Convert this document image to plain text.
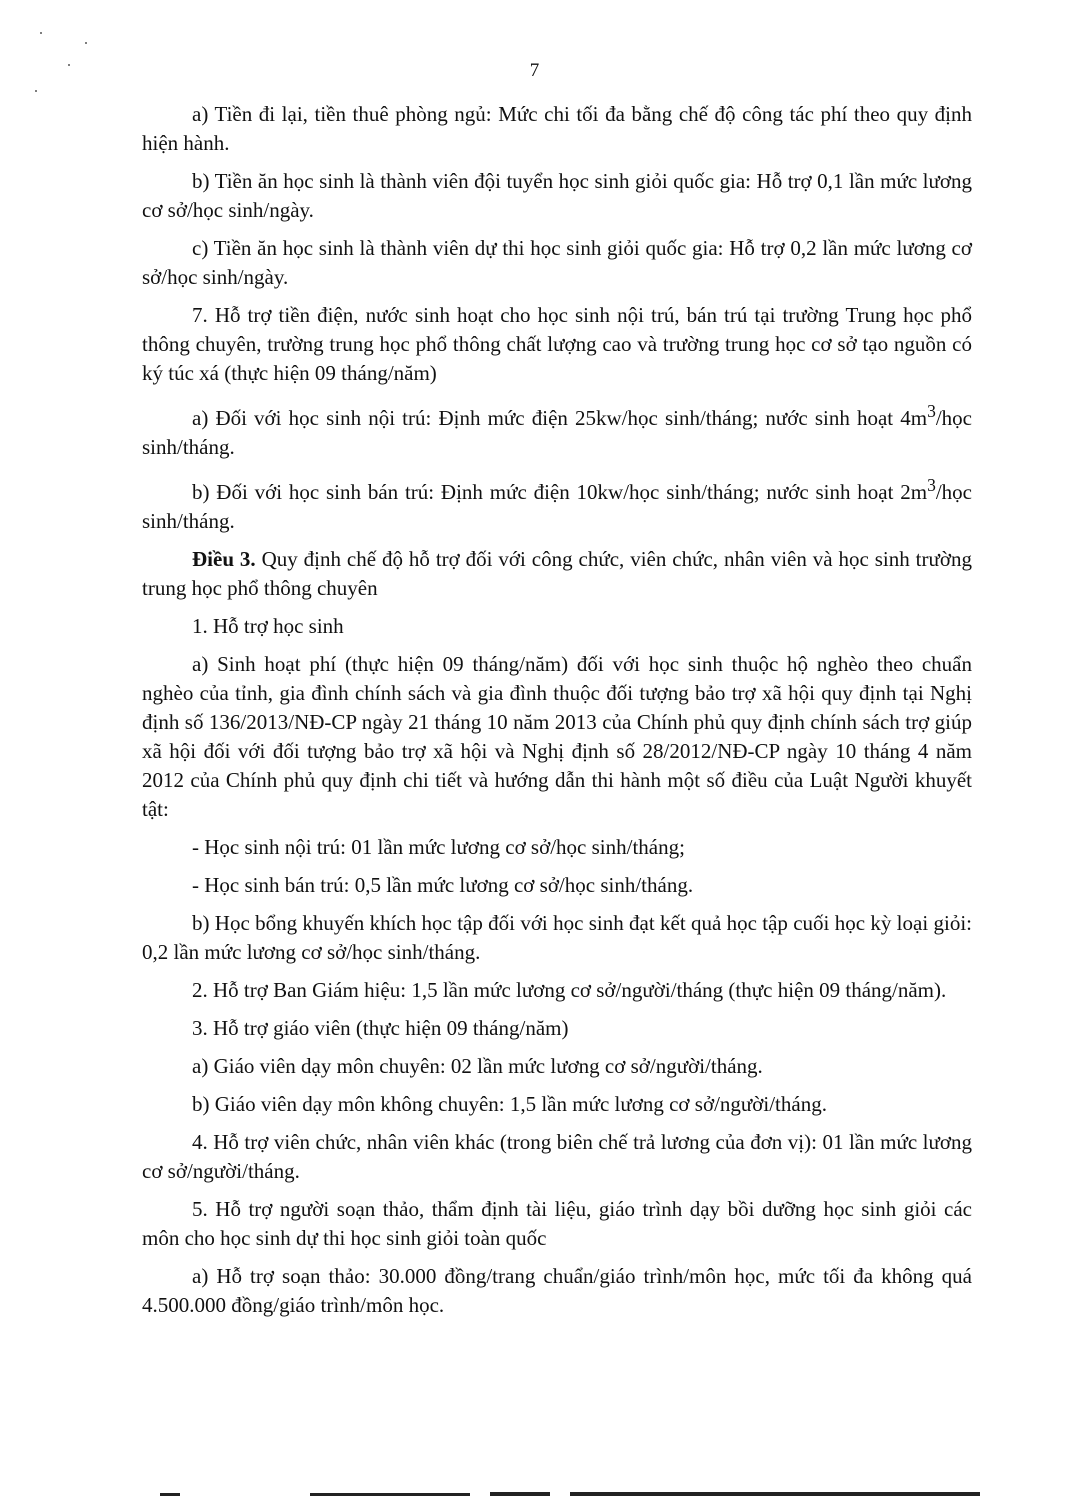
7

a) Tiền đi lại, tiền thuê phòng ngủ: Mức chi tối đa bằng chế độ công tác phí theo quy định hiện hành.

b) Tiền ăn học sinh là thành viên đội tuyển học sinh giỏi quốc gia: Hỗ trợ 0,1 lần mức lương cơ sở/học sinh/ngày.

c) Tiền ăn học sinh là thành viên dự thi học sinh giỏi quốc gia: Hỗ trợ 0,2 lần mức lương cơ sở/học sinh/ngày.

7. Hỗ trợ tiền điện, nước sinh hoạt cho học sinh nội trú, bán trú tại trường Trung học phổ thông chuyên, trường trung học phổ thông chất lượng cao và trường trung học cơ sở tạo nguồn có ký túc xá (thực hiện 09 tháng/năm)

a) Đối với học sinh nội trú: Định mức điện 25kw/học sinh/tháng; nước sinh hoạt $4m^3$/học sinh/tháng.

b) Đối với học sinh bán trú: Định mức điện 10kw/học sinh/tháng; nước sinh hoạt $2m^3$/học sinh/tháng.

Điều 3. Quy định chế độ hỗ trợ đối với công chức, viên chức, nhân viên và học sinh trường trung học phổ thông chuyên

1. Hỗ trợ học sinh

a) Sinh hoạt phí (thực hiện 09 tháng/năm) đối với học sinh thuộc hộ nghèo theo chuẩn nghèo của tỉnh, gia đình chính sách và gia đình thuộc đối tượng bảo trợ xã hội quy định tại Nghị định số 136/2013/NĐ-CP ngày 21 tháng 10 năm 2013 của Chính phủ quy định chính sách trợ giúp xã hội đối với đối tượng bảo trợ xã hội và Nghị định số 28/2012/NĐ-CP ngày 10 tháng 4 năm 2012 của Chính phủ quy định chi tiết và hướng dẫn thi hành một số điều của Luật Người khuyết tật:

- Học sinh nội trú: 01 lần mức lương cơ sở/học sinh/tháng;

- Học sinh bán trú: 0,5 lần mức lương cơ sở/học sinh/tháng.

b) Học bổng khuyến khích học tập đối với học sinh đạt kết quả học tập cuối học kỳ loại giỏi: 0,2 lần mức lương cơ sở/học sinh/tháng.

2. Hỗ trợ Ban Giám hiệu: 1,5 lần mức lương cơ sở/người/tháng (thực hiện 09 tháng/năm).

3. Hỗ trợ giáo viên (thực hiện 09 tháng/năm)

a) Giáo viên dạy môn chuyên: 02 lần mức lương cơ sở/người/tháng.

b) Giáo viên dạy môn không chuyên: 1,5 lần mức lương cơ sở/người/tháng.

4. Hỗ trợ viên chức, nhân viên khác (trong biên chế trả lương của đơn vị): 01 lần mức lương cơ sở/người/tháng.

5. Hỗ trợ người soạn thảo, thẩm định tài liệu, giáo trình dạy bồi dưỡng học sinh giỏi các môn cho học sinh dự thi học sinh giỏi toàn quốc

a) Hỗ trợ soạn thảo: 30.000 đồng/trang chuẩn/giáo trình/môn học, mức tối đa không quá 4.500.000 đồng/giáo trình/môn học.
